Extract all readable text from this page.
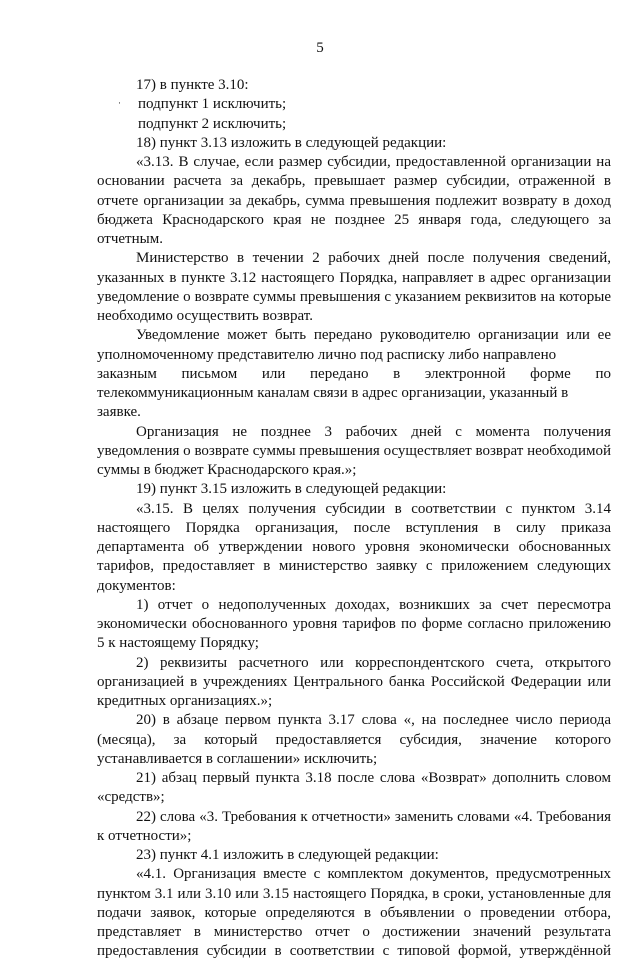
5
·

17) в пункте 3.10:

подпункт 1 исключить;

подпункт 2 исключить;

18) пункт 3.13 изложить в следующей редакции:

«3.13. В случае, если размер субсидии, предоставленной организации на основании расчета за декабрь, превышает размер субсидии, отраженной в отчете организации за декабрь, сумма превышения подлежит возврату в доход бюджета Краснодарского края не позднее 25 января года, следующего за отчетным.

Министерство в течении 2 рабочих дней после получения сведений, указанных в пункте 3.12 настоящего Порядка, направляет в адрес организации уведомление о возврате суммы превышения с указанием реквизитов на которые необходимо осуществить возврат.

Уведомление может быть передано руководителю организации или ее уполномоченному представителю лично под расписку либо направлено

заказным письмом или передано в электронной форме по

телекоммуникационным каналам связи в адрес организации, указанный в заявке.

Организация не позднее 3 рабочих дней с момента получения уведомления о возврате суммы превышения осуществляет возврат необходимой суммы в бюджет Краснодарского края.»;

19) пункт 3.15 изложить в следующей редакции:

«3.15. В целях получения субсидии в соответствии с пунктом 3.14 настоящего Порядка организация, после вступления в силу приказа департамента об утверждении нового уровня экономически обоснованных тарифов, предоставляет в министерство заявку с приложением следующих документов:

1) отчет о недополученных доходах, возникших за счет пересмотра экономически обоснованного уровня тарифов по форме согласно приложению 5 к настоящему Порядку;

2) реквизиты расчетного или корреспондентского счета, открытого организацией в учреждениях Центрального банка Российской Федерации или кредитных организациях.»;

20) в абзаце первом пункта 3.17 слова «, на последнее число периода (месяца), за который предоставляется субсидия, значение которого устанавливается в соглашении» исключить;

21) абзац первый пункта 3.18 после слова «Возврат» дополнить словом «средств»;

22) слова «3. Требования к отчетности» заменить словами «4. Требования к отчетности»;

23) пункт 4.1 изложить в следующей редакции:

«4.1. Организация вместе с комплектом документов, предусмотренных пунктом 3.1 или 3.10 или 3.15 настоящего Порядка, в сроки, установленные для подачи заявок, которые определяются в объявлении о проведении отбора, представляет в министерство отчет о достижении значений результата предоставления субсидии в соответствии с типовой формой, утверждённой
